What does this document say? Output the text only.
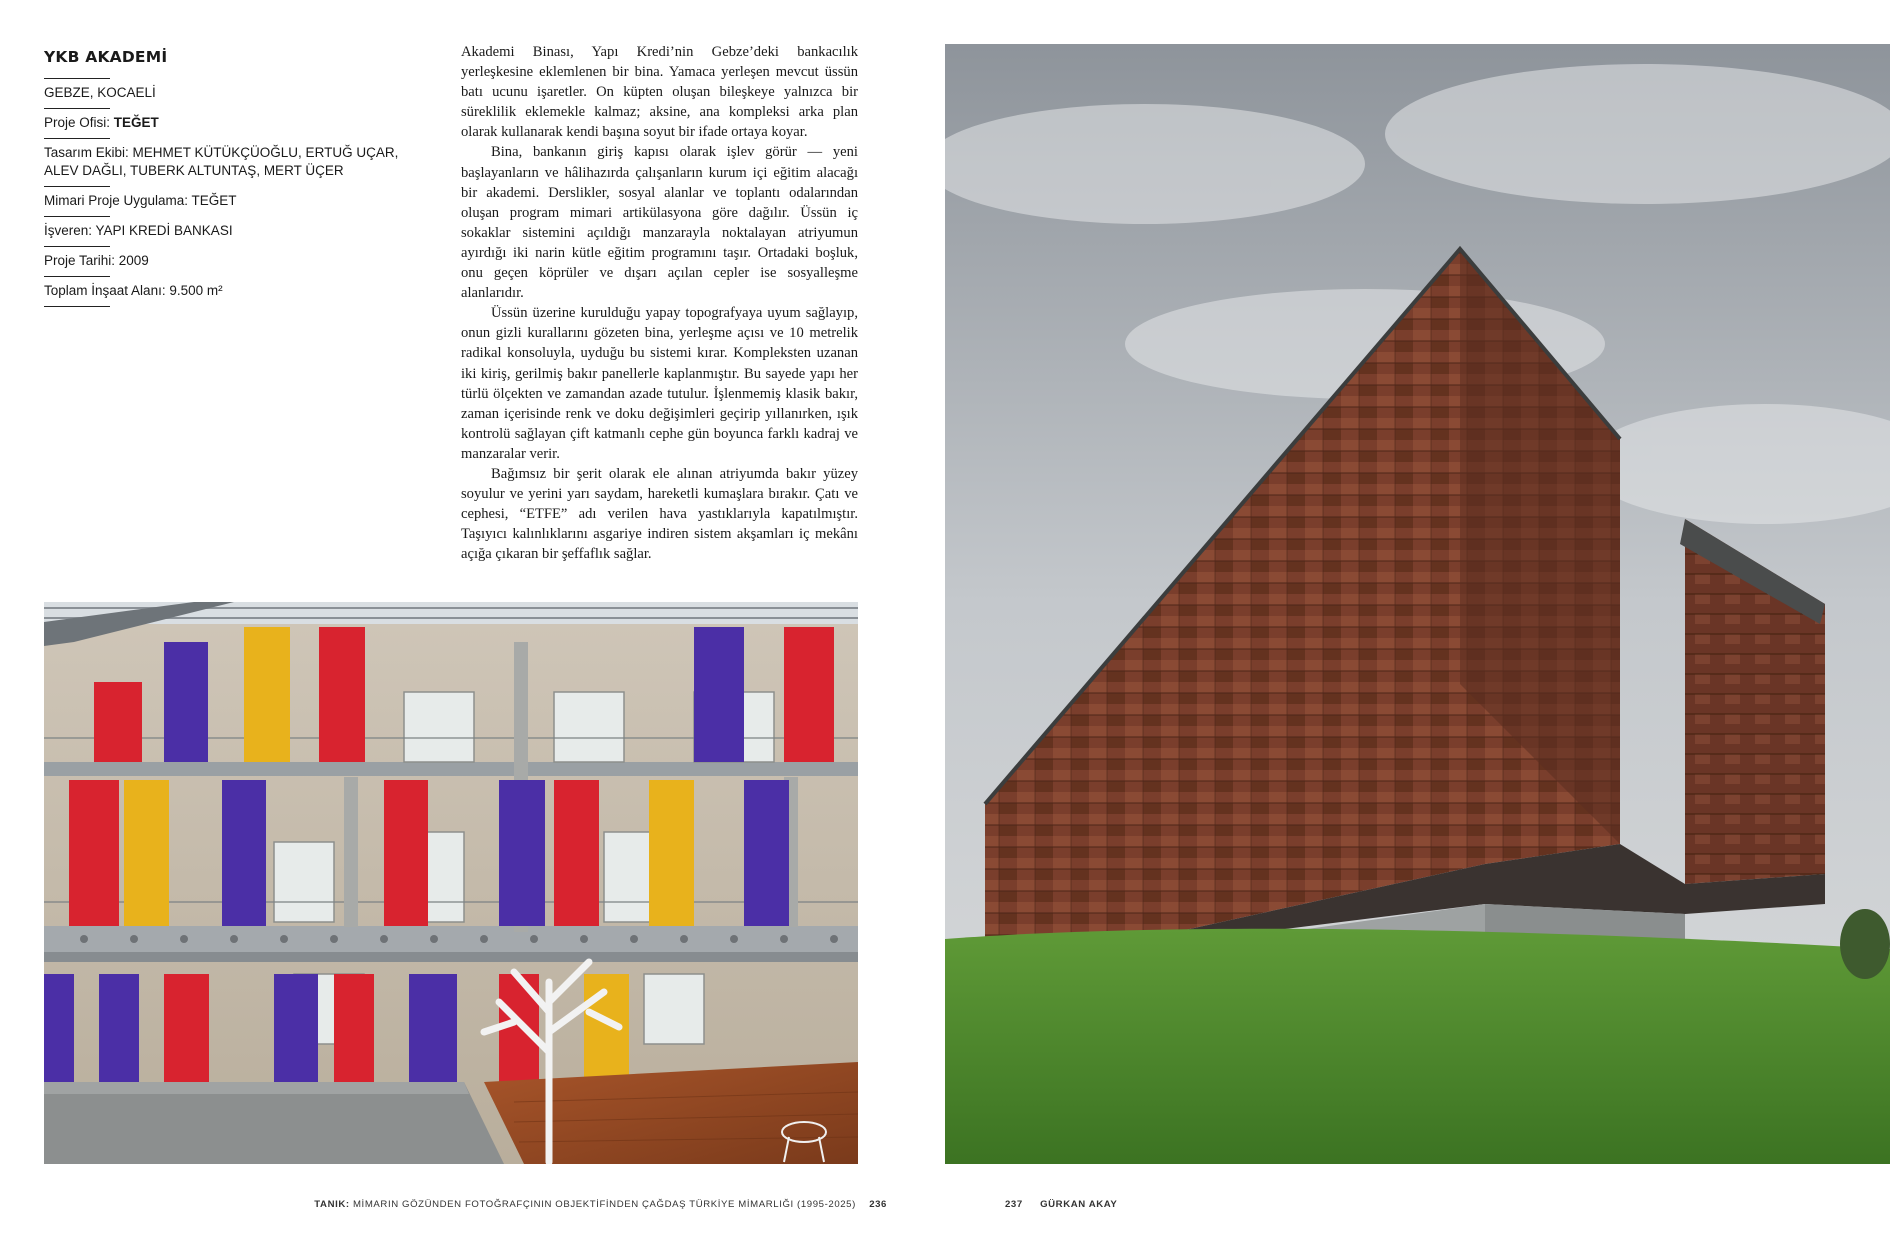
YKB AKADEMİ
GEBZE, KOCAELİ
Proje Ofisi: TEĞET
Tasarım Ekibi: MEHMET KÜTÜKÇÜOĞLU, ERTUĞ UÇAR, ALEV DAĞLI, TUBERK ALTUNTAŞ, MERT ÜÇER
Mimari Proje Uygulama: TEĞET
İşveren: YAPI KREDİ BANKASI
Proje Tarihi: 2009
Toplam İnşaat Alanı: 9.500 m²

Akademi Binası, Yapı Kredi’nin Gebze’deki bankacılık yerleşkesine eklemlenen bir bina. Yamaca yerleşen mevcut üssün batı ucunu işaretler. On küpten oluşan bileşkeye yalnızca bir süreklilik eklemekle kalmaz; aksine, ana kompleksi arka plan olarak kullanarak kendi başına soyut bir ifade ortaya koyar.

Bina, bankanın giriş kapısı olarak işlev görür — yeni başlayanların ve hâlihazırda çalışanların kurum içi eğitim alacağı bir akademi. Derslikler, sosyal alanlar ve toplantı odalarından oluşan program mimari artikülasyona göre dağılır. Üssün iç sokaklar sistemini açıldığı manzarayla noktalayan atriyumun ayırdığı iki narin kütle eğitim programını taşır. Ortadaki boşluk, onu geçen köprüler ve dışarı açılan cepler ise sosyalleşme alanlarıdır.

Üssün üzerine kurulduğu yapay topografyaya uyum sağlayıp, onun gizli kurallarını gözeten bina, yerleşme açısı ve 10 metrelik radikal konsoluyla, uyduğu bu sistemi kırar. Kompleksten uzanan iki kiriş, gerilmiş bakır panellerle kaplanmıştır. Bu sayede yapı her türlü ölçekten ve zamandan azade tutulur. İşlenmemiş klasik bakır, zaman içerisinde renk ve doku değişimleri geçirip yıllanırken, ışık kontrolü sağlayan çift katmanlı cephe gün boyunca farklı kadraj ve manzaralar verir.

Bağımsız bir şerit olarak ele alınan atriyumda bakır yüzey soyulur ve yerini yarı saydam, hareketli kumaşlara bırakır. Çatı ve cephesi, “ETFE” adı verilen hava yastıklarıyla kapatılmıştır. Taşıyıcı kalınlıklarını asgariye indiren sistem akşamları iç mekânı açığa çıkaran bir şeffaflık sağlar.

TANIK: MİMARIN GÖZÜNDEN FOTOĞRAFÇININ OBJEKTİFİNDEN ÇAĞDAŞ TÜRKİYE MİMARLIĞI (1995-2025) 236	237 GÜRKAN AKAY
